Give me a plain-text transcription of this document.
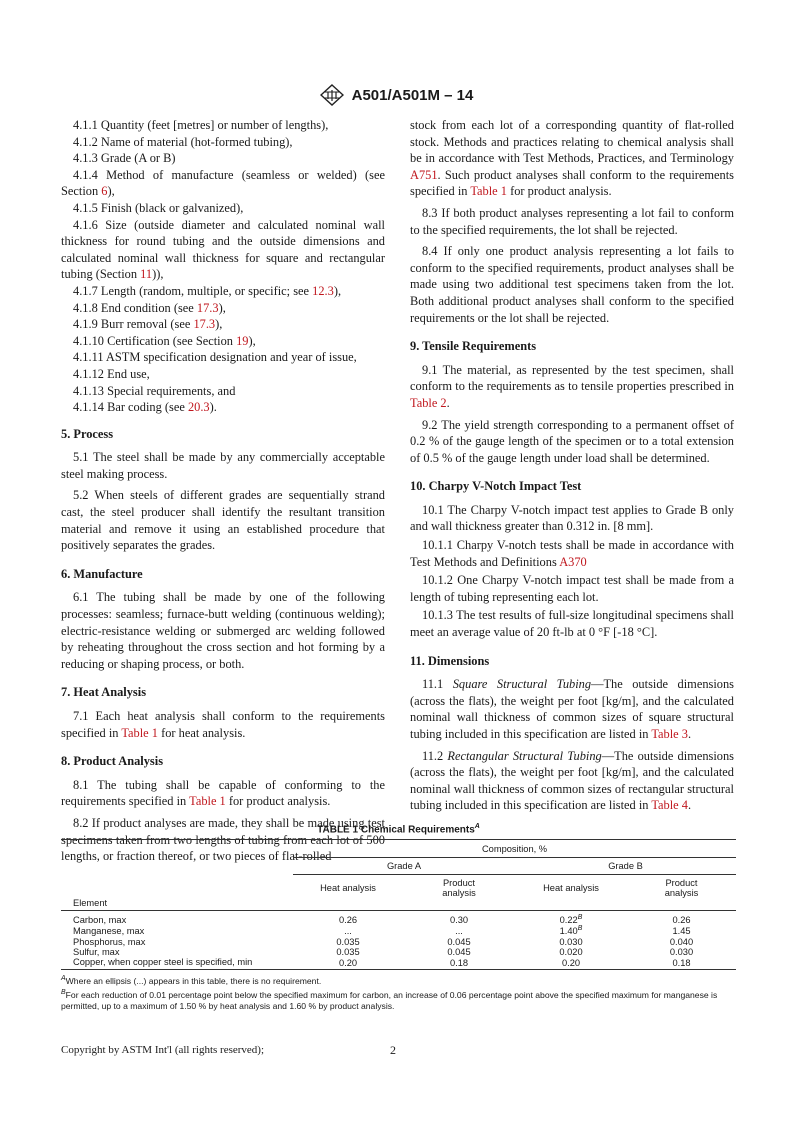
A501/A501M – 14

4.1.1 Quantity (feet [metres] or number of lengths),

4.1.2 Name of material (hot-formed tubing),

4.1.3 Grade (A or B)

4.1.4 Method of manufacture (seamless or welded) (see Section 6),

4.1.5 Finish (black or galvanized),

4.1.6 Size (outside diameter and calculated nominal wall thickness for round tubing and the outside dimensions and calculated nominal wall thickness for square and rectangular tubing (Section 11)),

4.1.7 Length (random, multiple, or specific; see 12.3),

4.1.8 End condition (see 17.3),

4.1.9 Burr removal (see 17.3),

4.1.10 Certification (see Section 19),

4.1.11 ASTM specification designation and year of issue,

4.1.12 End use,

4.1.13 Special requirements, and

4.1.14 Bar coding (see 20.3).

5. Process

5.1 The steel shall be made by any commercially acceptable steel making process.

5.2 When steels of different grades are sequentially strand cast, the steel producer shall identify the resultant transition material and remove it using an established procedure that positively separates the grades.

6. Manufacture

6.1 The tubing shall be made by one of the following processes: seamless; furnace-butt welding (continuous welding); electric-resistance welding or submerged arc welding followed by reheating throughout the cross section and hot forming by a reducing or shaping process, or both.

7. Heat Analysis

7.1 Each heat analysis shall conform to the requirements specified in Table 1 for heat analysis.

8. Product Analysis

8.1 The tubing shall be capable of conforming to the requirements specified in Table 1 for product analysis.

8.2 If product analyses are made, they shall be made using test specimens taken from two lengths of tubing from each lot of 500 lengths, or fraction thereof, or two pieces of flat-rolled

stock from each lot of a corresponding quantity of flat-rolled stock. Methods and practices relating to chemical analysis shall be in accordance with Test Methods, Practices, and Terminology A751. Such product analyses shall conform to the requirements specified in Table 1 for product analysis.

8.3 If both product analyses representing a lot fail to conform to the specified requirements, the lot shall be rejected.

8.4 If only one product analysis representing a lot fails to conform to the specified requirements, product analyses shall be made using two additional test specimens taken from the lot. Both additional product analyses shall conform to the specified requirements or the lot shall be rejected.

9. Tensile Requirements

9.1 The material, as represented by the test specimen, shall conform to the requirements as to tensile properties prescribed in Table 2.

9.2 The yield strength corresponding to a permanent offset of 0.2 % of the gauge length of the specimen or to a total extension of 0.5 % of the gauge length under load shall be determined.

10. Charpy V-Notch Impact Test

10.1 The Charpy V-notch impact test applies to Grade B only and wall thickness greater than 0.312 in. [8 mm].

10.1.1 Charpy V-notch tests shall be made in accordance with Test Methods and Definitions A370

10.1.2 One Charpy V-notch impact test shall be made from a length of tubing representing each lot.

10.1.3 The test results of full-size longitudinal specimens shall meet an average value of 20 ft-lb at 0 °F [-18 °C].

11. Dimensions

11.1 Square Structural Tubing—The outside dimensions (across the flats), the weight per foot [kg/m], and the calculated nominal wall thickness of common sizes of square structural tubing included in this specification are listed in Table 3.

11.2 Rectangular Structural Tubing—The outside dimensions (across the flats), the weight per foot [kg/m], and the calculated nominal wall thickness of common sizes of rectangular structural tubing included in this specification are listed in Table 4.

TABLE 1 Chemical Requirements$^A$

	Composition, %			
	Grade A		Grade B	
Element	Heat analysis	Product analysis	Heat analysis	Product analysis

Carbon, max	0.26	0.30	$0.22^B$	0.26
Manganese, max	...	...	$1.40^B$	1.45
Phosphorus, max	0.035	0.045	0.030	0.040
Sulfur, max	0.035	0.045	0.020	0.030
Copper, when copper steel is specified, min	0.20	0.18	0.20	0.18
$^A$Where an ellipsis (...) appears in this table, there is no requirement.
$^B$For each reduction of 0.01 percentage point below the specified maximum for carbon, an increase of 0.06 percentage point above the specified maximum for manganese is permitted, up to a maximum of 1.50 % by heat analysis and 1.60 % by product analysis.
Copyright by ASTM Int'l (all rights reserved);	2
